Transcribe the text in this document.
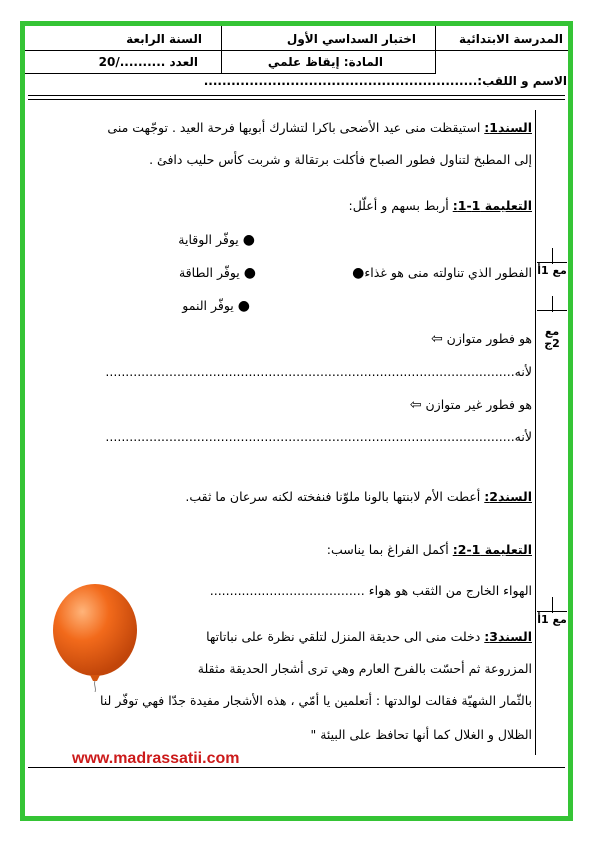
المدرسة الابتدائية
اختبار السداسي الأول
السنة الرابعة
المادة: إيقاظ علمي
العدد ........../20
الاسم و اللقب:............................................................
مع 1أ
مع 2ج
مع 1أ
السند1: استيقظت منى عيد الأضحى باكرا لتشارك أبويها فرحة العيد . توجّهت منى
إلى المطبخ لتناول فطور الصباح فأكلت برتقالة و شربت كأس حليب دافئ .
التعليمة 1-1: أربط بسهم و أعلّل:
● يوفّر الوقاية
● يوفّر الطاقة	الفطور الذي تناولته منى هو غذاء●
● يوفّر النمو
هو فطور متوازن ⇦
لأنه.......................................................................................................
هو فطور غير متوازن ⇦
لأنه.......................................................................................................
السند2: أعطت الأم لابنتها بالونا ملوّنا فنفخته لكنه سرعان ما ثقب.
التعليمة 1-2: أكمل الفراغ بما يناسب:
الهواء الخارج من الثقب هو هواء .......................................
السند3: دخلت منى الى حديقة المنزل لتلقي نظرة على نباتاتها
المزروعة ثم أحسّت بالفرح العارم وهي ترى أشجار الحديقة مثقلة
بالثّمار الشهيّة فقالت لوالدتها : أتعلمين يا أمّي ، هذه الأشجار مفيدة جدّا فهي توفّر لنا
الظلال و الغلال كما أنها تحافظ على البيئة "
www.madrassatii.com
